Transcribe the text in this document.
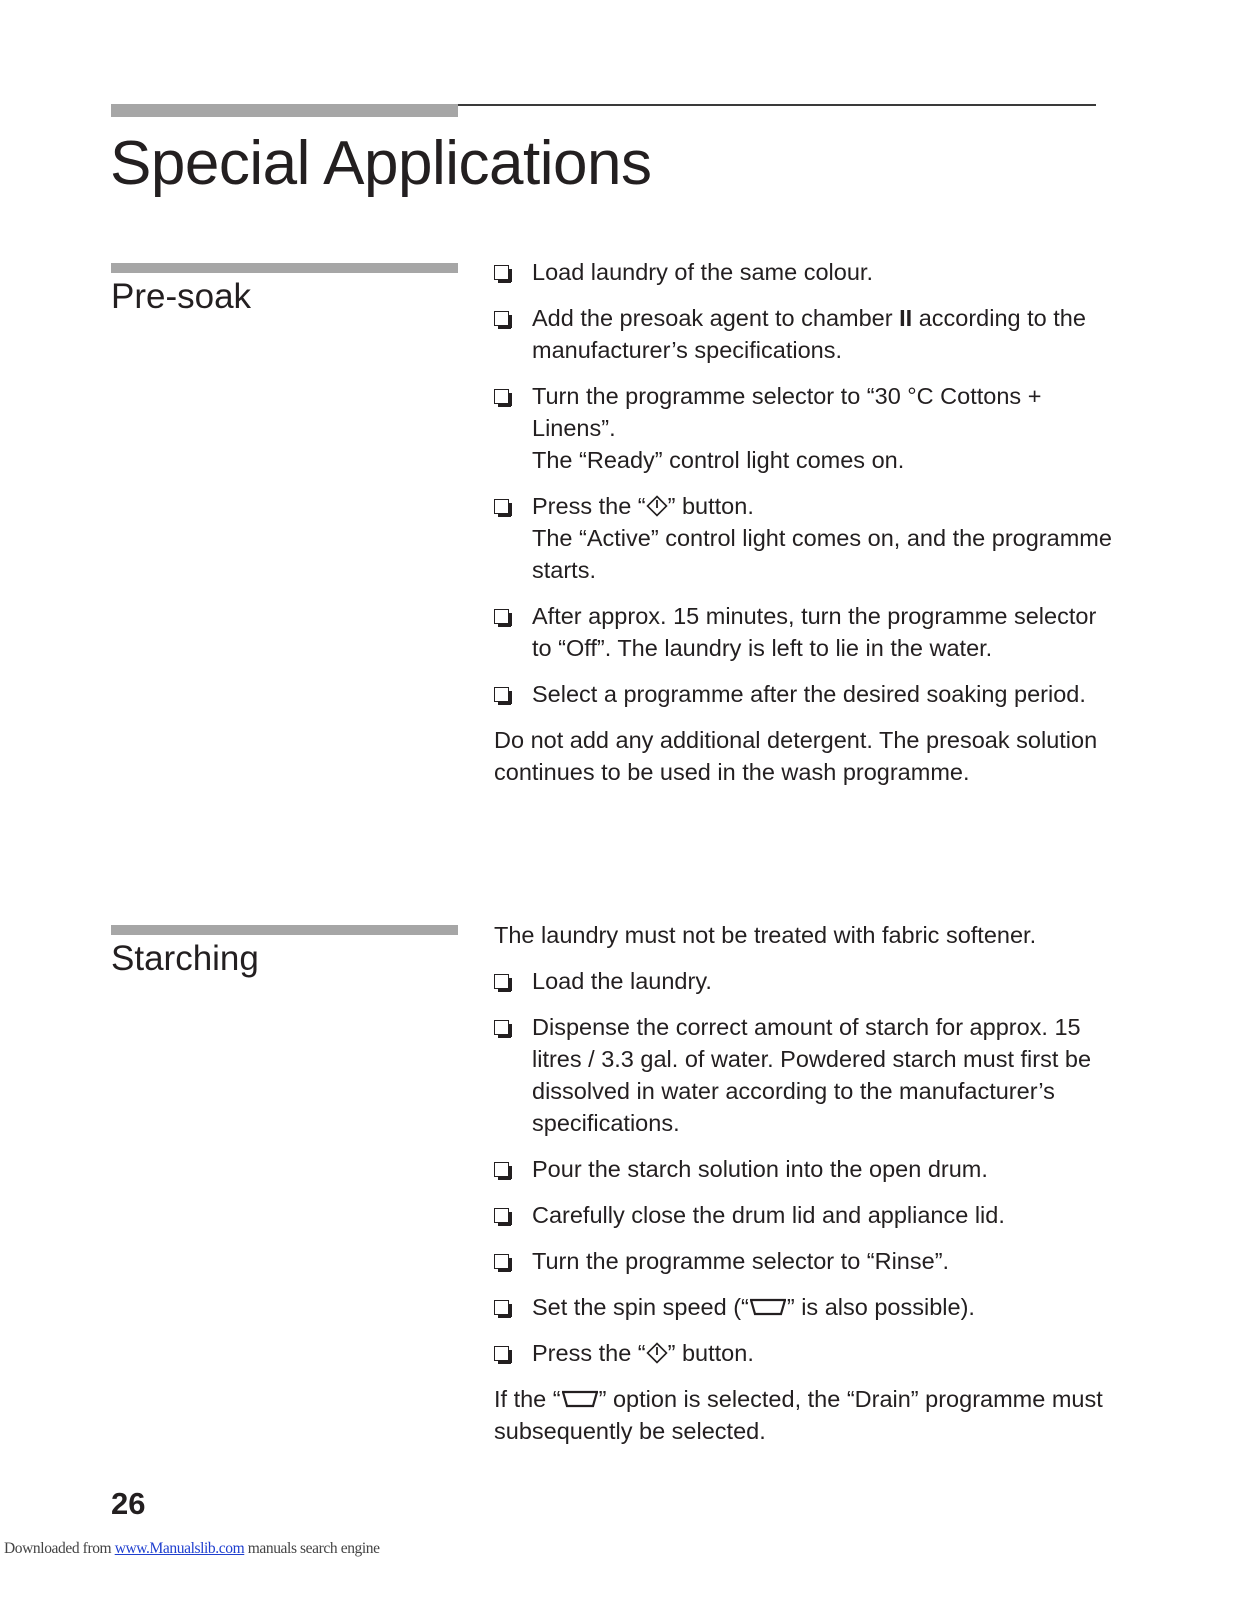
Special Applications
Pre-soak
Load laundry of the same colour.
Add the presoak agent to chamber II according to the manufacturer’s specifications.
Turn the programme selector to “30 °C Cottons + Linens”.
The “Ready” control light comes on.
Press the “ ” button.
The “Active” control light comes on, and the programme starts.
After approx. 15 minutes, turn the programme selector to “Off”. The laundry is left to lie in the water.
Select a programme after the desired soaking period.

Do not add any additional detergent. The presoak solution continues to be used in the wash programme.

Starching

The laundry must not be treated with fabric softener.

Load the laundry.
Dispense the correct amount of starch for approx. 15 litres / 3.3 gal. of water. Powdered starch must first be dissolved in water according to the manufacturer’s specifications.
Pour the starch solution into the open drum.
Carefully close the drum lid and appliance lid.
Turn the programme selector to “Rinse”.
Set the spin speed (“ ” is also possible).
Press the “ ” button.

If the “ ” option is selected, the “Drain” programme must subsequently be selected.

26
Downloaded from www.Manualslib.com manuals search engine
